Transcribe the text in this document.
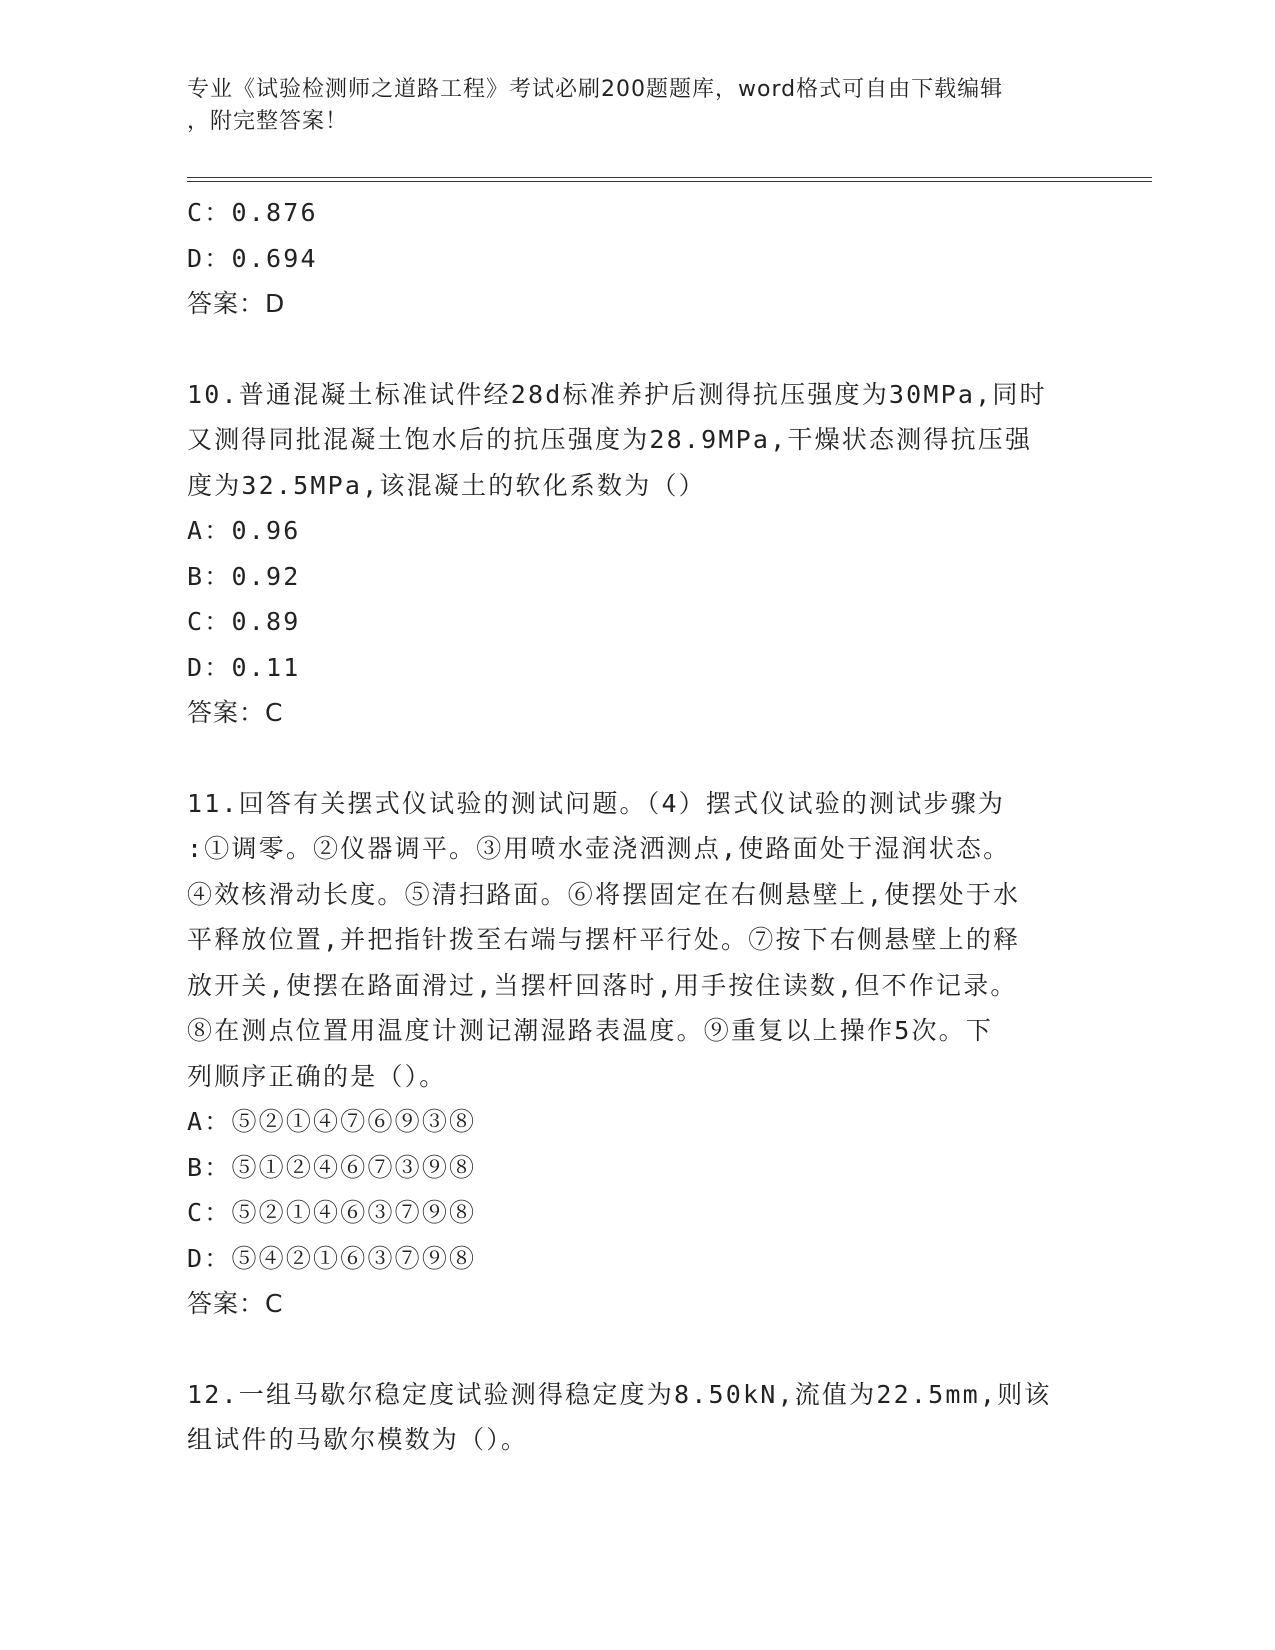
专业《试验检测师之道路工程》考试必刷200题题库，word格式可自由下载编辑
，附完整答案！
C：0.876
D：0.694
答案：D
10.普通混凝土标准试件经28d标准养护后测得抗压强度为30MPa,同时
又测得同批混凝土饱水后的抗压强度为28.9MPa,干燥状态测得抗压强
度为32.5MPa,该混凝土的软化系数为（）
A：0.96
B：0.92
C：0.89
D：0.11
答案：C
11.回答有关摆式仪试验的测试问题。（4）摆式仪试验的测试步骤为
:①调零。②仪器调平。③用喷水壶浇洒测点,使路面处于湿润状态。
④效核滑动长度。⑤清扫路面。⑥将摆固定在右侧悬壁上,使摆处于水
平释放位置,并把指针拨至右端与摆杆平行处。⑦按下右侧悬壁上的释
放开关,使摆在路面滑过,当摆杆回落时,用手按住读数,但不作记录。
⑧在测点位置用温度计测记潮湿路表温度。⑨重复以上操作5次。下
列顺序正确的是（）。
A：⑤②①④⑦⑥⑨③⑧
B：⑤①②④⑥⑦③⑨⑧
C：⑤②①④⑥③⑦⑨⑧
D：⑤④②①⑥③⑦⑨⑧
答案：C
12.一组马歇尔稳定度试验测得稳定度为8.50kN,流值为22.5mm,则该
组试件的马歇尔模数为（）。
